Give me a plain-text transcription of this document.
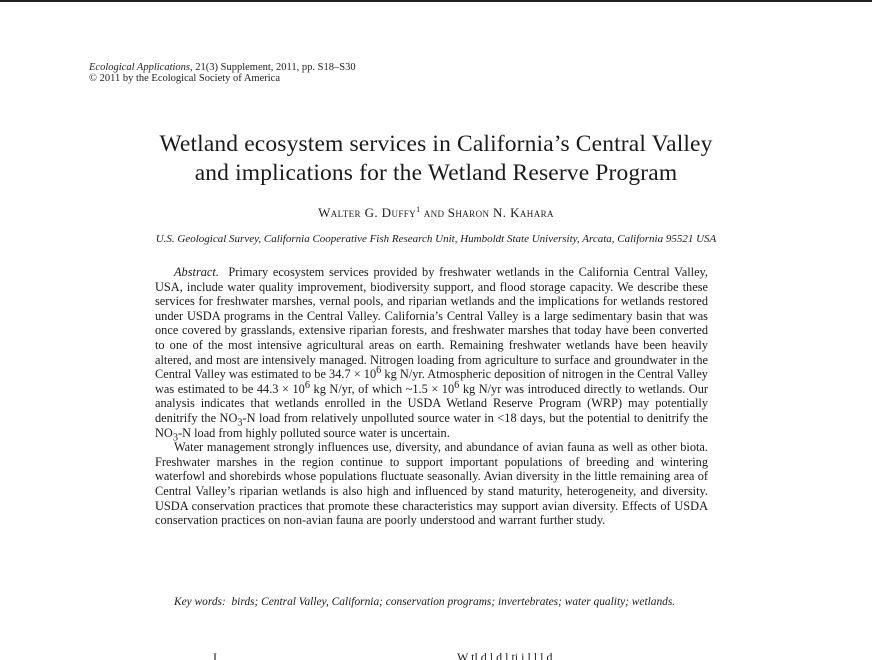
Ecological Applications, 21(3) Supplement, 2011, pp. S18–S30
© 2011 by the Ecological Society of America
Wetland ecosystem services in California’s Central Valley
and implications for the Wetland Reserve Program
Walter G. Duffy$^1$ and Sharon N. Kahara
U.S. Geological Survey, California Cooperative Fish Research Unit, Humboldt State University, Arcata, California 95521 USA

Abstract. Primary ecosystem services provided by freshwater wetlands in the California Central Valley, USA, include water quality improvement, biodiversity support, and flood storage capacity. We describe these services for freshwater marshes, vernal pools, and riparian wetlands and the implications for wetlands restored under USDA programs in the Central Valley. California’s Central Valley is a large sedimentary basin that was once covered by grasslands, extensive riparian forests, and freshwater marshes that today have been converted to one of the most intensive agricultural areas on earth. Remaining freshwater wetlands have been heavily altered, and most are intensively managed. Nitrogen loading from agriculture to surface and groundwater in the Central Valley was estimated to be $34.7 \times 10^6$ kg N/yr. Atmospheric deposition of nitrogen in the Central Valley was estimated to be $44.3 \times 10^6$ kg N/yr, of which ~1.5 × $10^6$ kg N/yr was introduced directly to wetlands. Our analysis indicates that wetlands enrolled in the USDA Wetland Reserve Program (WRP) may potentially denitrify the $NO_3-N$ load from relatively unpolluted source water in <18 days, but the potential to denitrify the $NO_3-N$ load from highly polluted source water is uncertain.

Water management strongly influences use, diversity, and abundance of avian fauna as well as other biota. Freshwater marshes in the region continue to support important populations of breeding and wintering waterfowl and shorebirds whose populations fluctuate seasonally. Avian diversity in the little remaining area of Central Valley’s riparian wetlands is also high and influenced by stand maturity, heterogeneity, and diversity. USDA conservation practices that promote these characteristics may support avian diversity. Effects of USDA conservation practices on non-avian fauna are poorly understood and warrant further study.

Key words: birds; Central Valley, California; conservation programs; invertebrates; water quality; wetlands.
I	W tl d l d l ti i l l l d
